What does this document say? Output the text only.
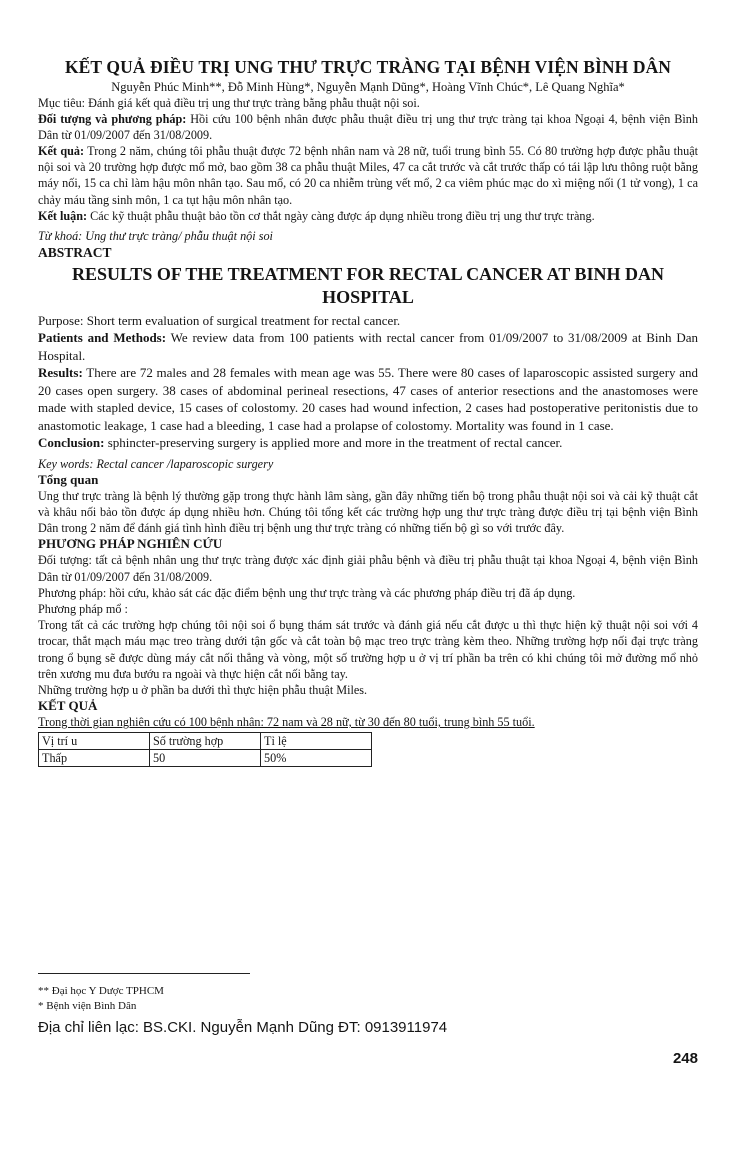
KẾT QUẢ ĐIỀU TRỊ UNG THƯ TRỰC TRÀNG TẠI BỆNH VIỆN BÌNH DÂN

Nguyễn Phúc Minh**, Đỗ Minh Hùng*, Nguyễn Mạnh Dũng*, Hoàng Vĩnh Chúc*, Lê Quang Nghĩa*

Mục tiêu: Đánh giá kết quả điều trị ung thư trực tràng bằng phẫu thuật nội soi.

Đối tượng và phương pháp: Hồi cứu 100 bệnh nhân được phẫu thuật điều trị ung thư trực tràng tại khoa Ngoại 4, bệnh viện Bình Dân từ 01/09/2007 đến 31/08/2009.

Kết quả: Trong 2 năm, chúng tôi phẫu thuật được 72 bệnh nhân nam và 28 nữ, tuổi trung bình 55. Có 80 trường hợp được phẫu thuật nội soi và 20 trường hợp được mổ mở, bao gồm 38 ca phẫu thuật Miles, 47 ca cắt trước và cắt trước thấp có tái lập lưu thông ruột bằng máy nối, 15 ca chỉ làm hậu môn nhân tạo. Sau mổ, có 20 ca nhiễm trùng vết mổ, 2 ca viêm phúc mạc do xì miệng nối (1 tử vong), 1 ca chảy máu tầng sinh môn, 1 ca tụt hậu môn nhân tạo.

Kết luận: Các kỹ thuật phẫu thuật bảo tồn cơ thắt ngày càng được áp dụng nhiều trong điều trị ung thư trực tràng.

Từ khoá: Ung thư trực tràng/ phẫu thuật nội soi

ABSTRACT

RESULTS OF THE TREATMENT FOR RECTAL CANCER AT BINH DAN
HOSPITAL

Purpose: Short term evaluation of surgical treatment for rectal cancer.

Patients and Methods: We review data from 100 patients with rectal cancer from 01/09/2007 to 31/08/2009 at Binh Dan Hospital.

Results: There are 72 males and 28 females with mean age was 55. There were 80 cases of laparoscopic assisted surgery and 20 cases open surgery. 38 cases of abdominal perineal resections, 47 cases of anterior resections and the anastomoses were made with stapled device, 15 cases of colostomy. 20 cases had wound infection, 2 cases had postoperative peritonistis due to anastomotic leakage, 1 case had a bleeding, 1 case had a prolapse of colostomy. Mortality was found in 1 case.

Conclusion: sphincter-preserving surgery is applied more and more in the treatment of rectal cancer.

Key words: Rectal cancer /laparoscopic surgery

Tổng quan

Ung thư trực tràng là bệnh lý thường gặp trong thực hành lâm sàng, gần đây những tiến bộ trong phẫu thuật nội soi và cải kỹ thuật cắt và khâu nối bảo tồn được áp dụng nhiều hơn. Chúng tôi tổng kết các trường hợp ung thư trực tràng được điều trị tại bệnh viện Bình Dân trong 2 năm để đánh giá tình hình điều trị bệnh ung thư trực tràng có những tiến bộ gì so với trước đây.

PHƯƠNG PHÁP NGHIÊN CỨU

Đối tượng: tất cả bệnh nhân ung thư trực tràng được xác định giải phẫu bệnh và điều trị phẫu thuật tại khoa Ngoại 4, bệnh viện Bình Dân từ 01/09/2007 đến 31/08/2009.

Phương pháp: hồi cứu, khảo sát các đặc điểm bệnh ung thư trực tràng và các phương pháp điều trị đã áp dụng.

Phương pháp mổ :

Trong tất cả các trường hợp chúng tôi nội soi ổ bụng thám sát trước và đánh giá nếu cắt được u thì thực hiện kỹ thuật nội soi với 4 trocar, thắt mạch máu mạc treo tràng dưới tận gốc và cắt toàn bộ mạc treo trực tràng kèm theo. Những trường hợp nối đại trực tràng trong ổ bụng sẽ được dùng máy cắt nối thẳng và vòng, một số trường hợp u ở vị trí phần ba trên có khi chúng tôi mở đường mổ nhỏ trên xương mu đưa bướu ra ngoài và thực hiện cắt nối bằng tay.

Những trường hợp u ở phần ba dưới thì thực hiện phẫu thuật Miles.

KẾT QUẢ

Trong thời gian nghiên cứu có 100 bệnh nhân: 72 nam và 28 nữ, từ 30 đến 80 tuổi, trung bình 55 tuổi.

Vị trí u	Số trường hợp	Tỉ lệ
Thấp	50	50%
** Đại học Y Dược TPHCM
* Bệnh viện Bình Dân
Địa chỉ liên lạc: BS.CKI. Nguyễn Mạnh Dũng ĐT: 0913911974
248
